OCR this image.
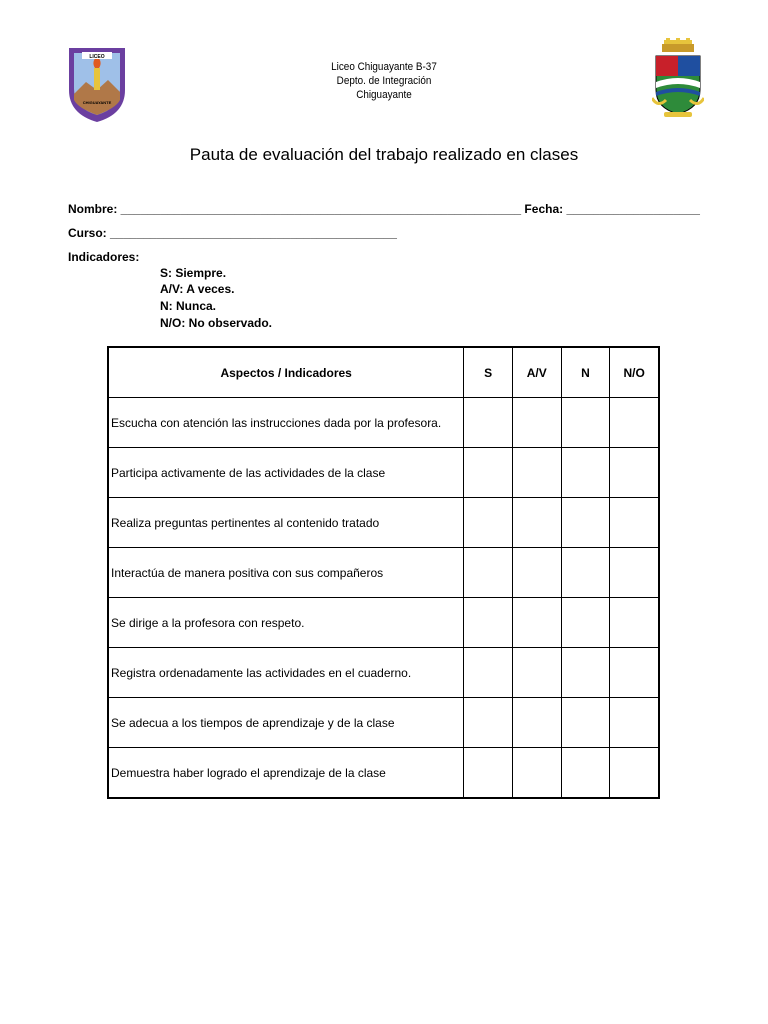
LICEO
CHIGUAYANTE
Liceo Chiguayante B-37
Depto. de Integración
Chiguayante
Pauta de evaluación del trabajo realizado en clases
Nombre: ____________________________________________________________ Fecha: ____________________
Curso: ___________________________________________
Indicadores:
S: Siempre.
A/V: A veces.
N: Nunca.
N/O: No observado.
Aspectos / Indicadores	S	A/V	N	N/O
Escucha con atención las instrucciones dada por la profesora.				
Participa activamente de las actividades de la clase				
Realiza preguntas pertinentes al contenido tratado				
Interactúa de manera positiva con sus compañeros				
Se dirige a la profesora con respeto.				
Registra ordenadamente las actividades en el cuaderno.				
Se adecua a los tiempos de aprendizaje y de la clase				
Demuestra haber logrado el aprendizaje de la clase				
